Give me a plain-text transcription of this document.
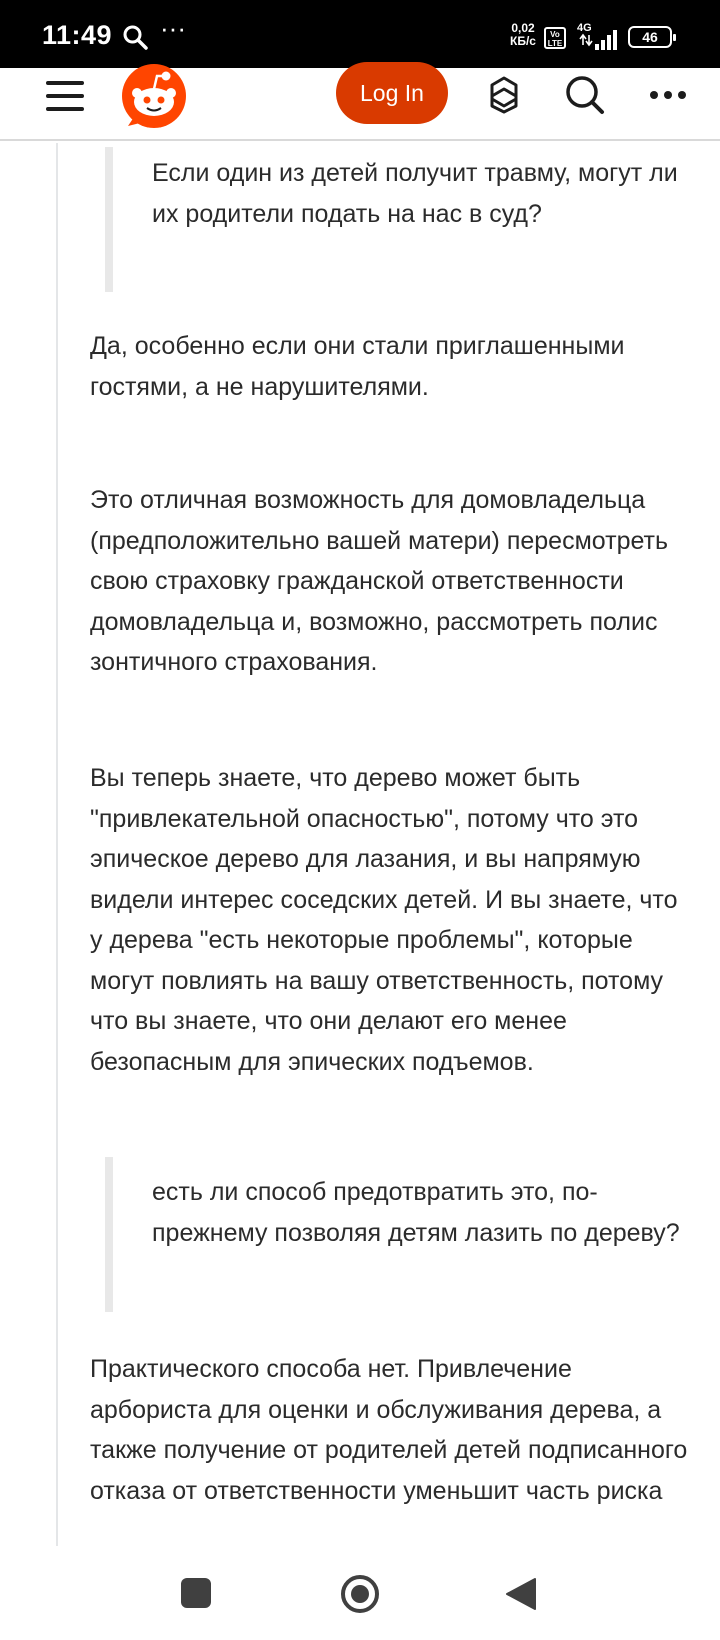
11:49 ···	0,02
КБ/с	Vo
LTE
4G
46
Log In
Если один из детей получит травму, могут ли их родители подать на нас в суд?
Да, особенно если они стали приглашенными гостями, а не нарушителями.
Это отличная возможность для домовладельца (предположительно вашей матери) пересмотреть свою страховку гражданской ответственности домовладельца и, возможно, рассмотреть полис зонтичного страхования.
Вы теперь знаете, что дерево может быть "привлекательной опасностью", потому что это эпическое дерево для лазания, и вы напрямую видели интерес соседских детей. И вы знаете, что у дерева "есть некоторые проблемы", которые могут повлиять на вашу ответственность, потому что вы знаете, что они делают его менее безопасным для эпических подъемов.
есть ли способ предотвратить это, по-прежнему позволяя детям лазить по дереву?
Практического способа нет. Привлечение арбориста для оценки и обслуживания дерева, а также получение от родителей детей подписанного отказа от ответственности уменьшит часть риска
